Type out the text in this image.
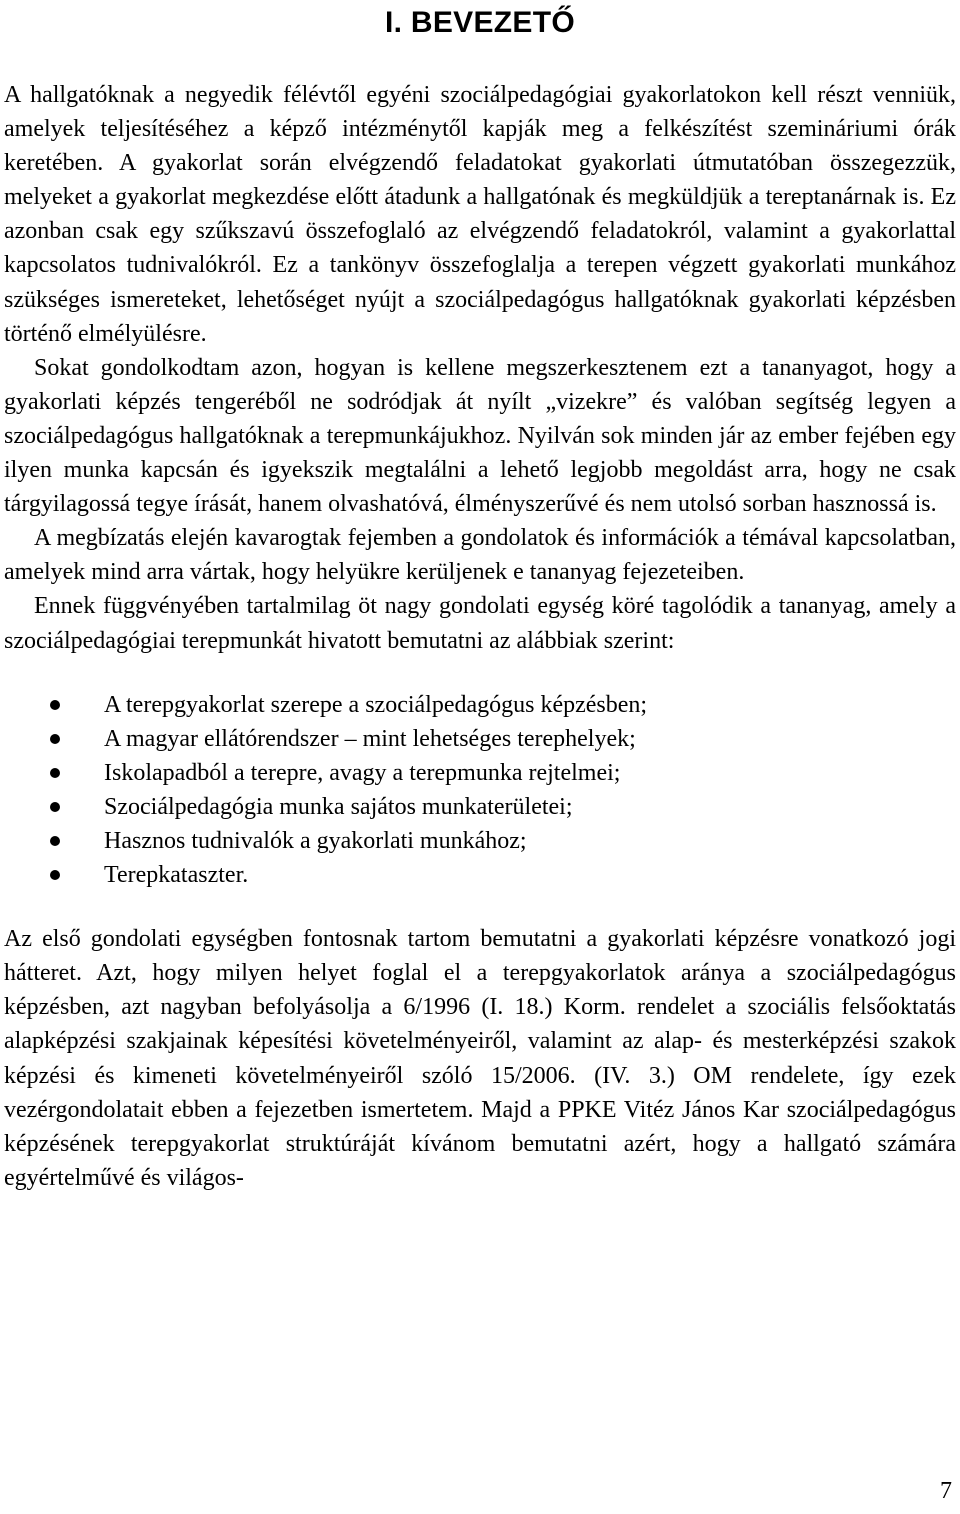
I. BEVEZETŐ

A hallgatóknak a negyedik félévtől egyéni szociálpedagógiai gyakorlatokon kell részt venniük, amelyek teljesítéséhez a képző intézménytől kapják meg a felkészítést szemináriumi órák keretében. A gyakorlat során elvégzendő feladatokat gyakorlati útmutatóban összegezzük, melyeket a gyakorlat megkezdése előtt átadunk a hallgatónak és megküldjük a tereptanárnak is. Ez azonban csak egy szűkszavú összefoglaló az elvégzendő feladatokról, valamint a gyakorlattal kapcsolatos tudnivalókról. Ez a tankönyv összefoglalja a terepen végzett gyakorlati munkához szükséges ismereteket, lehetőséget nyújt a szociálpedagógus hallgatóknak gyakorlati képzésben történő elmélyülésre.

Sokat gondolkodtam azon, hogyan is kellene megszerkesztenem ezt a tananyagot, hogy a gyakorlati képzés tengeréből ne sodródjak át nyílt „vizekre” és valóban segítség legyen a szociálpedagógus hallgatóknak a terepmunkájukhoz. Nyilván sok minden jár az ember fejében egy ilyen munka kapcsán és igyekszik megtalálni a lehető legjobb megoldást arra, hogy ne csak tárgyilagossá tegye írását, hanem olvashatóvá, élményszerűvé és nem utolsó sorban hasznossá is.

A megbízatás elején kavarogtak fejemben a gondolatok és információk a témával kapcsolatban, amelyek mind arra vártak, hogy helyükre kerüljenek e tananyag fejezeteiben.

Ennek függvényében tartalmilag öt nagy gondolati egység köré tagolódik a tananyag, amely a szociálpedagógiai terepmunkát hivatott bemutatni az alábbiak szerint:

A terepgyakorlat szerepe a szociálpedagógus képzésben;
A magyar ellátórendszer – mint lehetséges terephelyek;
Iskolapadból a terepre, avagy a terepmunka rejtelmei;
Szociálpedagógia munka sajátos munkaterületei;
Hasznos tudnivalók a gyakorlati munkához;
Terepkataszter.

Az első gondolati egységben fontosnak tartom bemutatni a gyakorlati képzésre vonatkozó jogi hátteret. Azt, hogy milyen helyet foglal el a terepgyakorlatok aránya a szociálpedagógus képzésben, azt nagyban befolyásolja a 6/1996 (I. 18.) Korm. rendelet a szociális felsőoktatás alapképzési szakjainak képesítési követelményeiről, valamint az alap- és mesterképzési szakok képzési és kimeneti követelményeiről szóló 15/2006. (IV. 3.) OM rendelete, így ezek vezérgondolatait ebben a fejezetben ismertetem. Majd a PPKE Vitéz János Kar szociálpedagógus képzésének terepgyakorlat struktúráját kívánom bemutatni azért, hogy a hallgató számára egyértelművé és világos-

7
